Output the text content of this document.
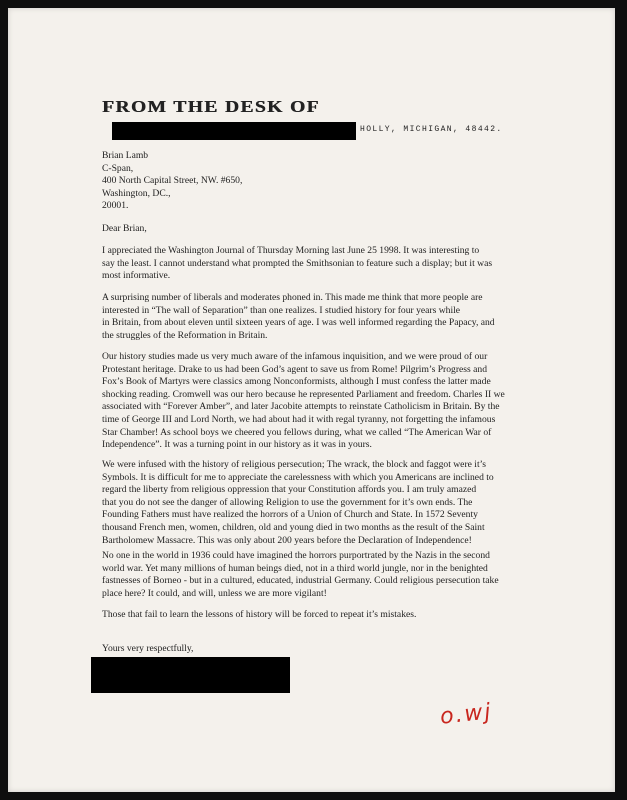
FROM THE DESK OF
HOLLY, MICHIGAN, 48442.
Brian Lamb
C-Span,
400 North Capital Street, NW. #650,
Washington, DC.,
20001.
Dear Brian,
I appreciated the Washington Journal of Thursday Morning last June 25 1998. It was interesting to
say the least. I cannot understand what prompted the Smithsonian to feature such a display; but it was
most informative.
A surprising number of liberals and moderates phoned in. This made me think that more people are
interested in “The wall of Separation” than one realizes. I studied history for four years while
in Britain, from about eleven until sixteen years of age. I was well informed regarding the Papacy, and
the struggles of the Reformation in Britain.
Our history studies made us very much aware of the infamous inquisition, and we were proud of our
Protestant heritage. Drake to us had been God’s agent to save us from Rome! Pilgrim’s Progress and
Fox’s Book of Martyrs were classics among Nonconformists, although I must confess the latter made
shocking reading. Cromwell was our hero because he represented Parliament and freedom. Charles II we
associated with “Forever Amber”, and later Jacobite attempts to reinstate Catholicism in Britain. By the
time of George III and Lord North, we had about had it with regal tyranny, not forgetting the infamous
Star Chamber! As school boys we cheered you fellows during, what we called “The American War of
Independence”. It was a turning point in our history as it was in yours.
We were infused with the history of religious persecution; The wrack, the block and faggot were it’s
Symbols. It is difficult for me to appreciate the carelessness with which you Americans are inclined to
regard the liberty from religious oppression that your Constitution affords you. I am truly amazed
that you do not see the danger of allowing Religion to use the government for it’s own ends. The
Founding Fathers must have realized the horrors of a Union of Church and State. In 1572 Seventy
thousand French men, women, children, old and young died in two months as the result of the Saint
Bartholomew Massacre. This was only about 200 years before the Declaration of Independence!
No one in the world in 1936 could have imagined the horrors purportrated by the Nazis in the second
world war. Yet many millions of human beings died, not in a third world jungle, nor in the benighted
fastnesses of Borneo - but in a cultured, educated, industrial Germany. Could religious persecution take
place here? It could, and will, unless we are more vigilant!
Those that fail to learn the lessons of history will be forced to repeat it’s mistakes.
Yours very respectfully,
o.wj
